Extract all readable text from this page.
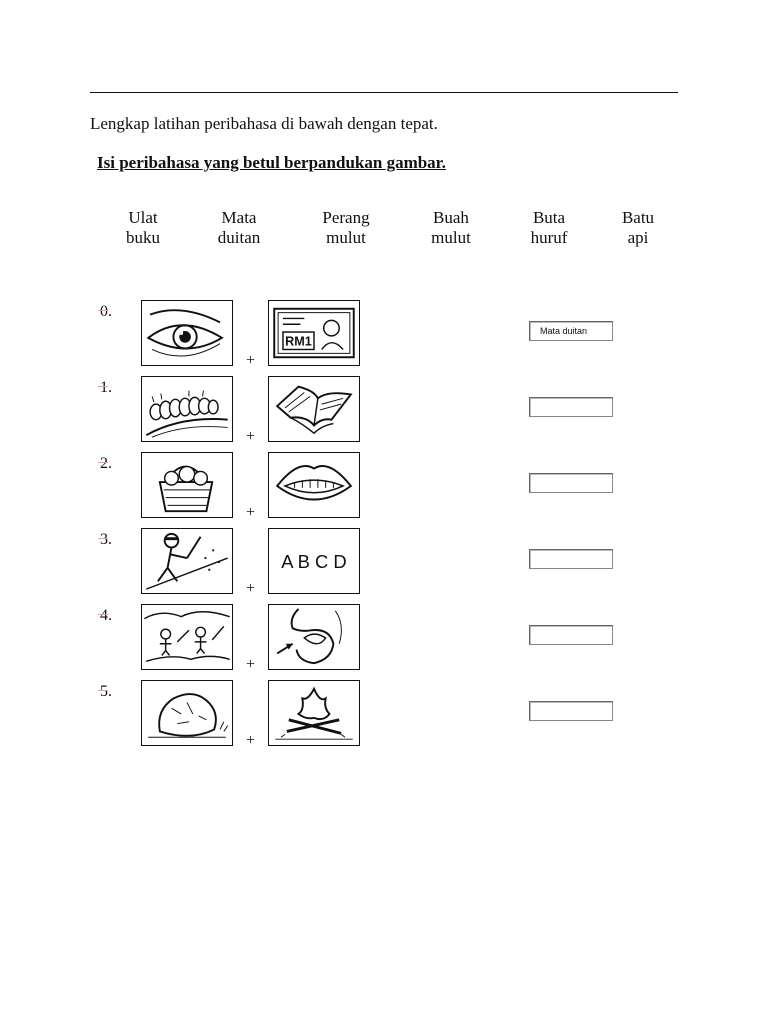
Lengkap latihan peribahasa di bawah dengan tepat.
Isi peribahasa yang betul berpandukan gambar.
Ulat
buku
Mata
duitan
Perang
mulut
Buah
mulut
Buta
huruf
Batu
api
0.
RM1
+
Mata duitan
1.
+
2.
+
3.
A B C D
+
4.
+
5.
+
